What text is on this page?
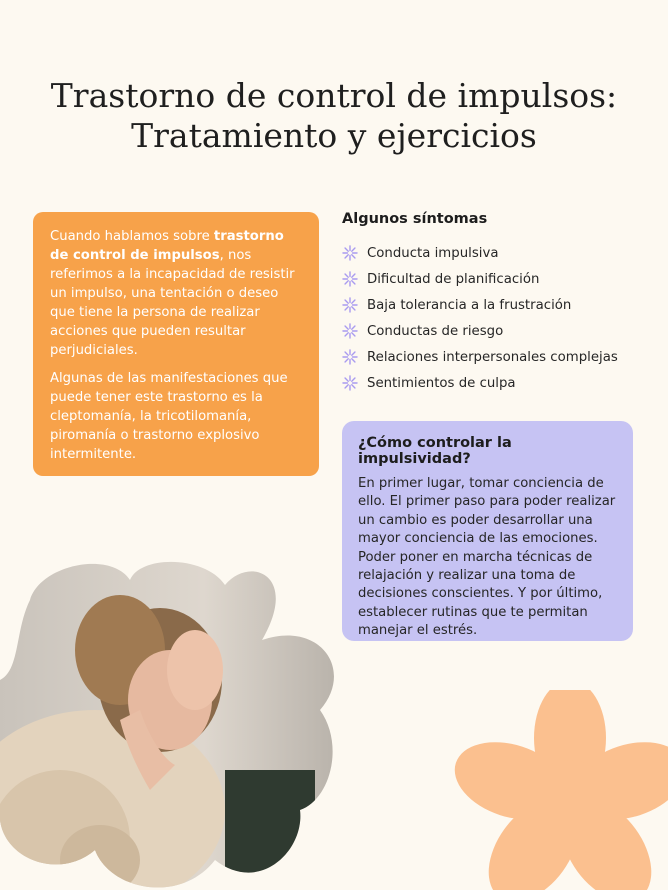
Trastorno de control de impulsos:
Tratamiento y ejercicios

Cuando hablamos sobre trastorno de control de impulsos, nos referimos a la incapacidad de resistir un impulso, una tentación o deseo que tiene la persona de realizar acciones que pueden resultar perjudiciales.

Algunas de las manifestaciones que puede tener este trastorno es la cleptomanía, la tricotilomanía, piromanía o trastorno explosivo intermitente.

Algunos síntomas
Conducta impulsiva
Dificultad de planificación
Baja tolerancia a la frustración
Conductas de riesgo
Relaciones interpersonales complejas
Sentimientos de culpa
¿Cómo controlar la impulsividad?

En primer lugar, tomar conciencia de ello. El primer paso para poder realizar un cambio es poder desarrollar una mayor conciencia de las emociones. Poder poner en marcha técnicas de relajación y realizar una toma de decisiones conscientes. Y por último, establecer rutinas que te permitan manejar el estrés.
